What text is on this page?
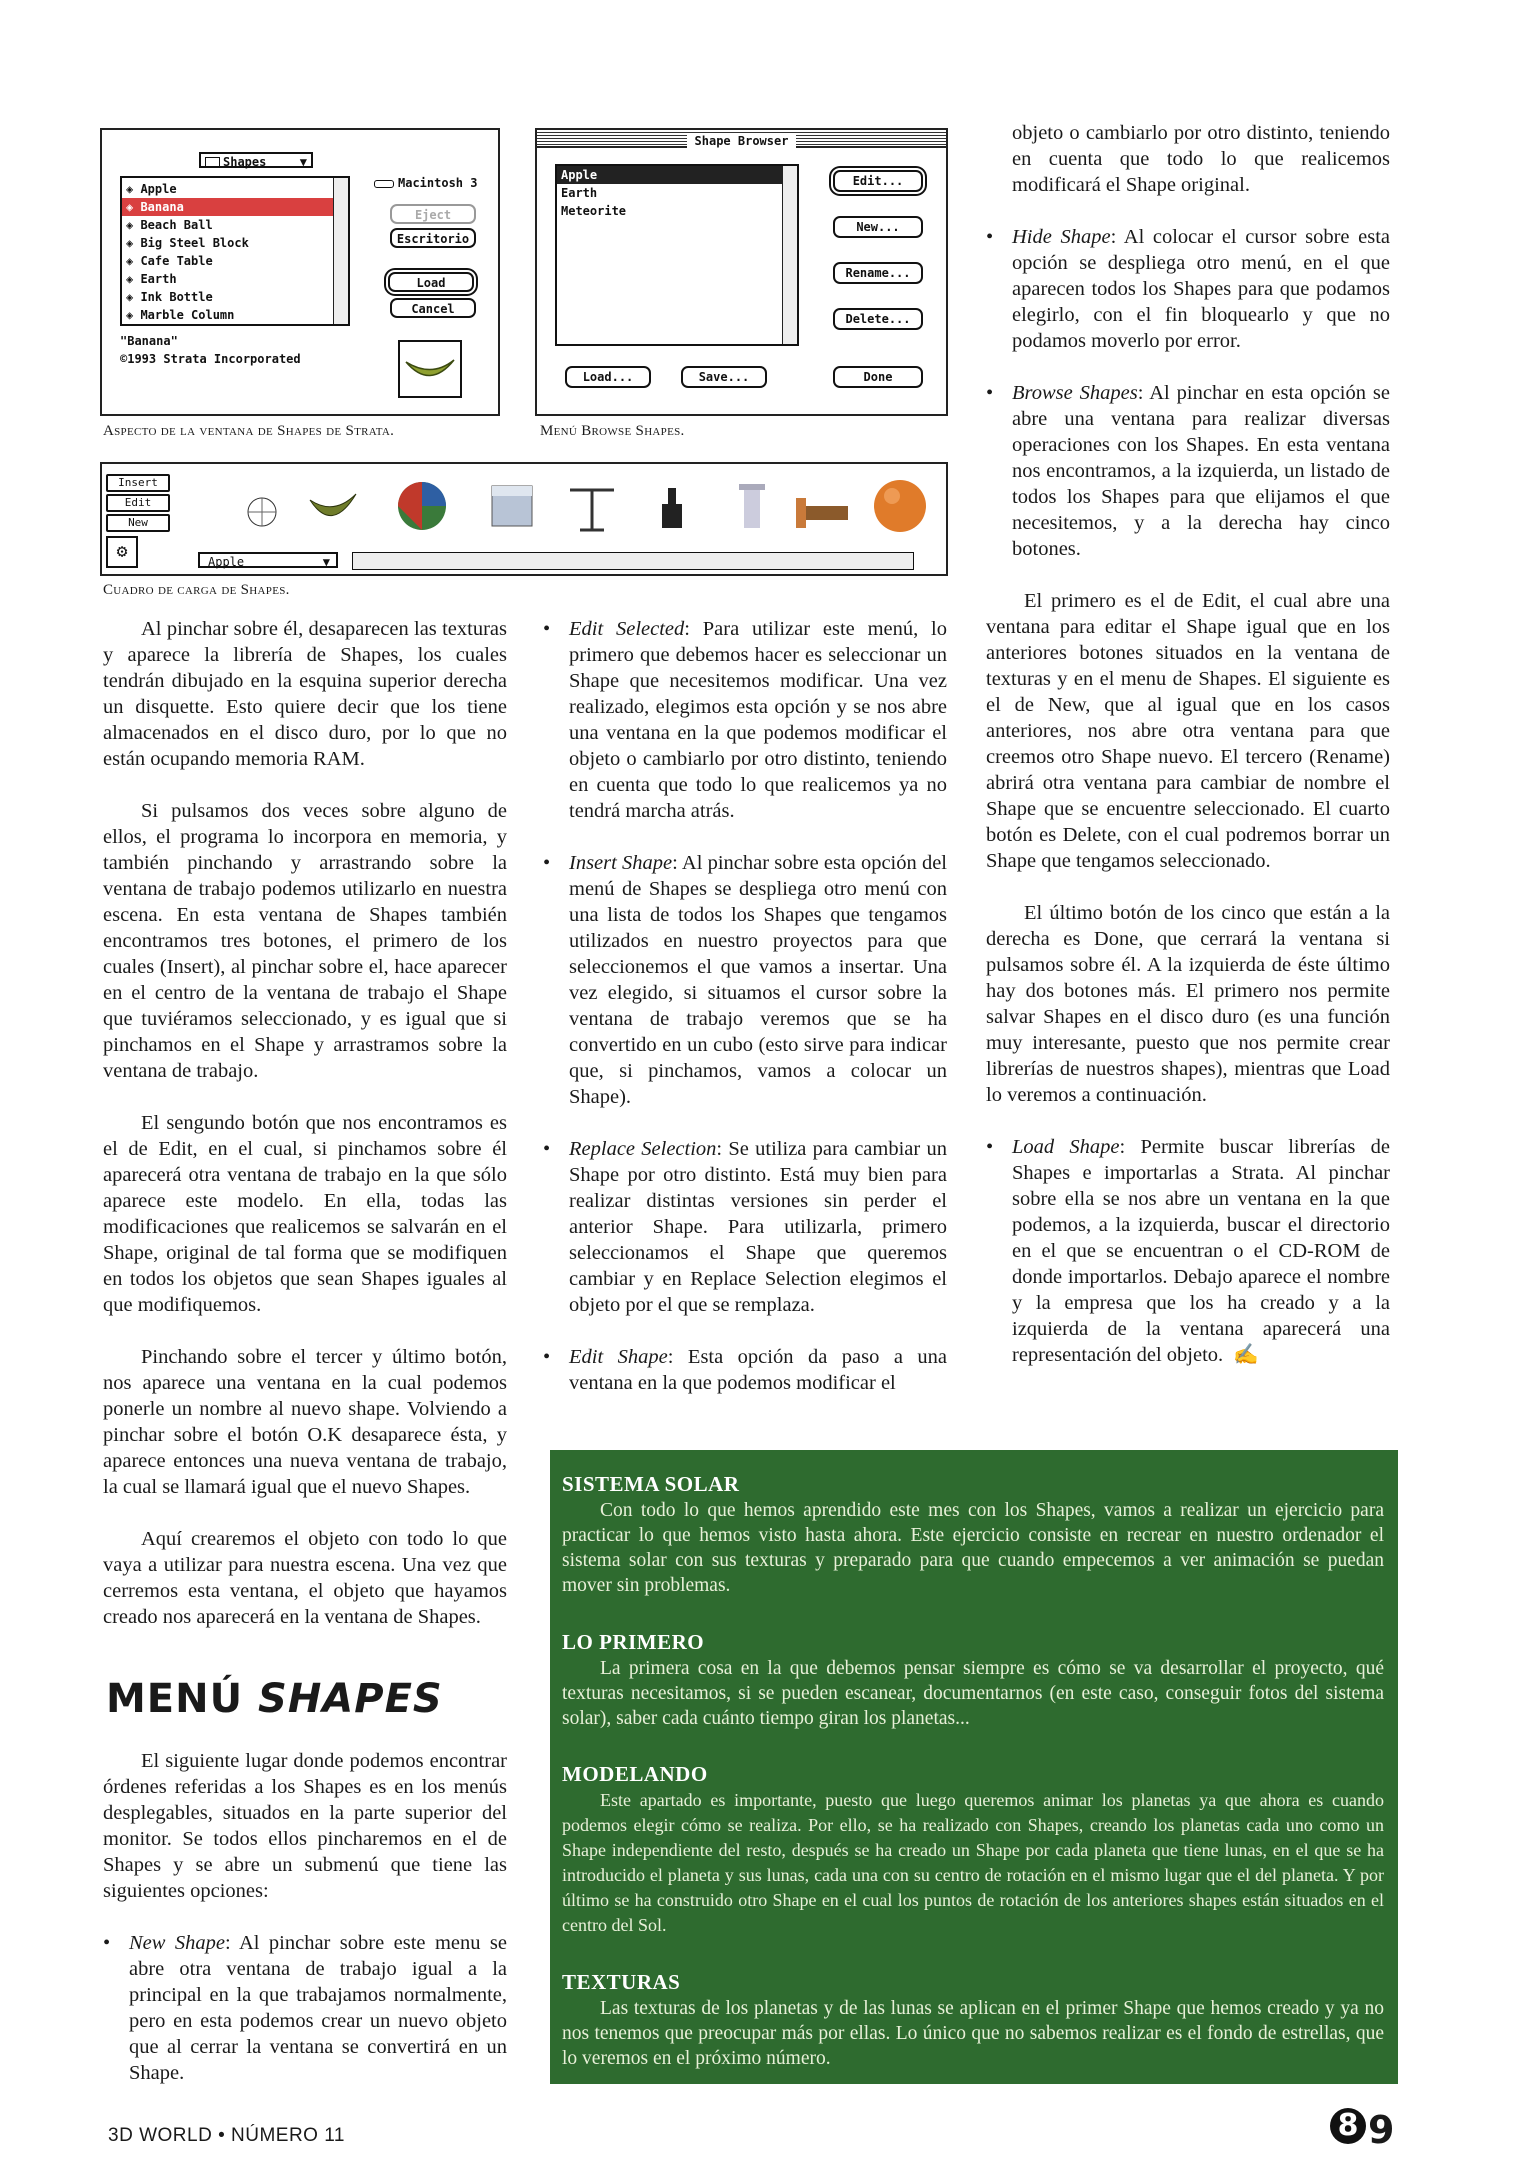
Shapes	▼
◈ Apple
◈ Banana
◈ Beach Ball
◈ Big Steel Block
◈ Cafe Table
◈ Earth
◈ Ink Bottle
◈ Marble Column
Macintosh 3
Eject
Escritorio
Load
Cancel
"Banana"
©1993 Strata Incorporated
Aspecto de la ventana de Shapes de Strata.
Shape Browser
Apple
Earth
Meteorite
Edit...
New...
Rename...
Delete...
Load...	Save...	Done
Menú Browse Shapes.
Insert
Edit
New
⚙	Apple	▼
Cuadro de carga de Shapes.

Al pinchar sobre él, desaparecen las texturas y aparece la librería de Shapes, los cuales tendrán dibujado en la esquina superior derecha un disquette. Esto quiere decir que los tiene almacenados en el disco duro, por lo que no están ocupando memoria RAM.

Si pulsamos dos veces sobre alguno de ellos, el programa lo incorpora en memoria, y también pinchando y arrastrando sobre la ventana de trabajo podemos utilizarlo en nuestra escena. En esta ventana de Shapes también encontramos tres botones, el primero de los cuales (Insert), al pinchar sobre el, hace aparecer en el centro de la ventana de trabajo el Shape que tuviéramos seleccionado, y es igual que si pinchamos en el Shape y arrastramos sobre la ventana de trabajo.

El sengundo botón que nos encontramos es el de Edit, en el cual, si pinchamos sobre él aparecerá otra ventana de trabajo en la que sólo aparece este modelo. En ella, todas las modificaciones que realicemos se salvarán en el Shape, original de tal forma que se modifiquen en todos los objetos que sean Shapes iguales al que modifiquemos.

Pinchando sobre el tercer y último botón, nos aparece una ventana en la cual podemos ponerle un nombre al nuevo shape. Volviendo a pinchar sobre el botón O.K desaparece ésta, y aparece entonces una nueva ventana de trabajo, la cual se llamará igual que el nuevo Shapes.

Aquí crearemos el objeto con todo lo que vaya a utilizar para nuestra escena. Una vez que cerremos esta ventana, el objeto que hayamos creado nos aparecerá en la ventana de Shapes.

MENÚ SHAPES

El siguiente lugar donde podemos encontrar órdenes referidas a los Shapes es en los menús desplegables, situados en la parte superior del monitor. Se todos ellos pincharemos en el de Shapes y se abre un submenú que tiene las siguientes opciones:

• New Shape: Al pinchar sobre este menu se abre otra ventana de trabajo igual a la principal en la que trabajamos normalmente, pero en esta podemos crear un nuevo objeto que al cerrar la ventana se convertirá en un Shape.

• Edit Selected: Para utilizar este menú, lo primero que debemos hacer es seleccionar un Shape que necesitemos modificar. Una vez realizado, elegimos esta opción y se nos abre una ventana en la que podemos modificar el objeto o cambiarlo por otro distinto, teniendo en cuenta que todo lo que realicemos ya no tendrá marcha atrás.

• Insert Shape: Al pinchar sobre esta opción del menú de Shapes se despliega otro menú con una lista de todos los Shapes que tengamos utilizados en nuestro proyectos para que seleccionemos el que vamos a insertar. Una vez elegido, si situamos el cursor sobre la ventana de trabajo veremos que se ha convertido en un cubo (esto sirve para indicar que, si pinchamos, vamos a colocar un Shape).

• Replace Selection: Se utiliza para cambiar un Shape por otro distinto. Está muy bien para realizar distintas versiones sin perder el anterior Shape. Para utilizarla, primero seleccionamos el Shape que queremos cambiar y en Replace Selection elegimos el objeto por el que se remplaza.

• Edit Shape: Esta opción da paso a una ventana en la que podemos modificar el

objeto o cambiarlo por otro distinto, teniendo en cuenta que todo lo que realicemos modificará el Shape original.

• Hide Shape: Al colocar el cursor sobre esta opción se despliega otro menú, en el que aparecen todos los Shapes para que podamos elegirlo, con el fin bloquearlo y que no podamos moverlo por error.

• Browse Shapes: Al pinchar en esta opción se abre una ventana para realizar diversas operaciones con los Shapes. En esta ventana nos encontramos, a la izquierda, un listado de todos los Shapes para que elijamos el que necesitemos, y a la derecha hay cinco botones.

El primero es el de Edit, el cual abre una ventana para editar el Shape igual que en los anteriores botones situados en la ventana de texturas y en el menu de Shapes. El siguiente es el de New, que al igual que en los casos anteriores, nos abre otra ventana para que creemos otro Shape nuevo. El tercero (Rename) abrirá otra ventana para cambiar de nombre el Shape que se encuentre seleccionado. El cuarto botón es Delete, con el cual podremos borrar un Shape que tengamos seleccionado.

El último botón de los cinco que están a la derecha es Done, que cerrará la ventana si pulsamos sobre él. A la izquierda de éste último hay dos botones más. El primero nos permite salvar Shapes en el disco duro (es una función muy interesante, puesto que nos permite crear librerías de nuestros shapes), mientras que Load lo veremos a continuación.

• Load Shape: Permite buscar librerías de Shapes e importarlas a Strata. Al pinchar sobre ella se nos abre un ventana en la que podemos, a la izquierda, buscar el directorio en el que se encuentran o el CD-ROM de donde importarlos. Debajo aparece el nombre y la empresa que los ha creado y a la izquierda de la ventana aparecerá una representación del objeto. ✍

SISTEMA SOLAR

Con todo lo que hemos aprendido este mes con los Shapes, vamos a realizar un ejercicio para practicar lo que hemos visto hasta ahora. Este ejercicio consiste en recrear en nuestro ordenador el sistema solar con sus texturas y preparado para que cuando empecemos a ver animación se puedan mover sin problemas.

LO PRIMERO

La primera cosa en la que debemos pensar siempre es cómo se va desarrollar el proyecto, qué texturas necesitamos, si se pueden escanear, documentarnos (en este caso, conseguir fotos del sistema solar), saber cada cuánto tiempo giran los planetas...

MODELANDO

Este apartado es importante, puesto que luego queremos animar los planetas ya que ahora es cuando podemos elegir cómo se realiza. Por ello, se ha realizado con Shapes, creando los planetas cada uno como un Shape independiente del resto, después se ha creado un Shape por cada planeta que tiene lunas, en el que se ha introducido el planeta y sus lunas, cada una con su centro de rotación en el mismo lugar que el del planeta. Y por último se ha construido otro Shape en el cual los puntos de rotación de los anteriores shapes están situados en el centro del Sol.

TEXTURAS

Las texturas de los planetas y de las lunas se aplican en el primer Shape que hemos creado y ya no nos tenemos que preocupar más por ellas. Lo único que no sabemos realizar es el fondo de estrellas, que lo veremos en el próximo número.

3D WORLD • NÚMERO 11	8 9
